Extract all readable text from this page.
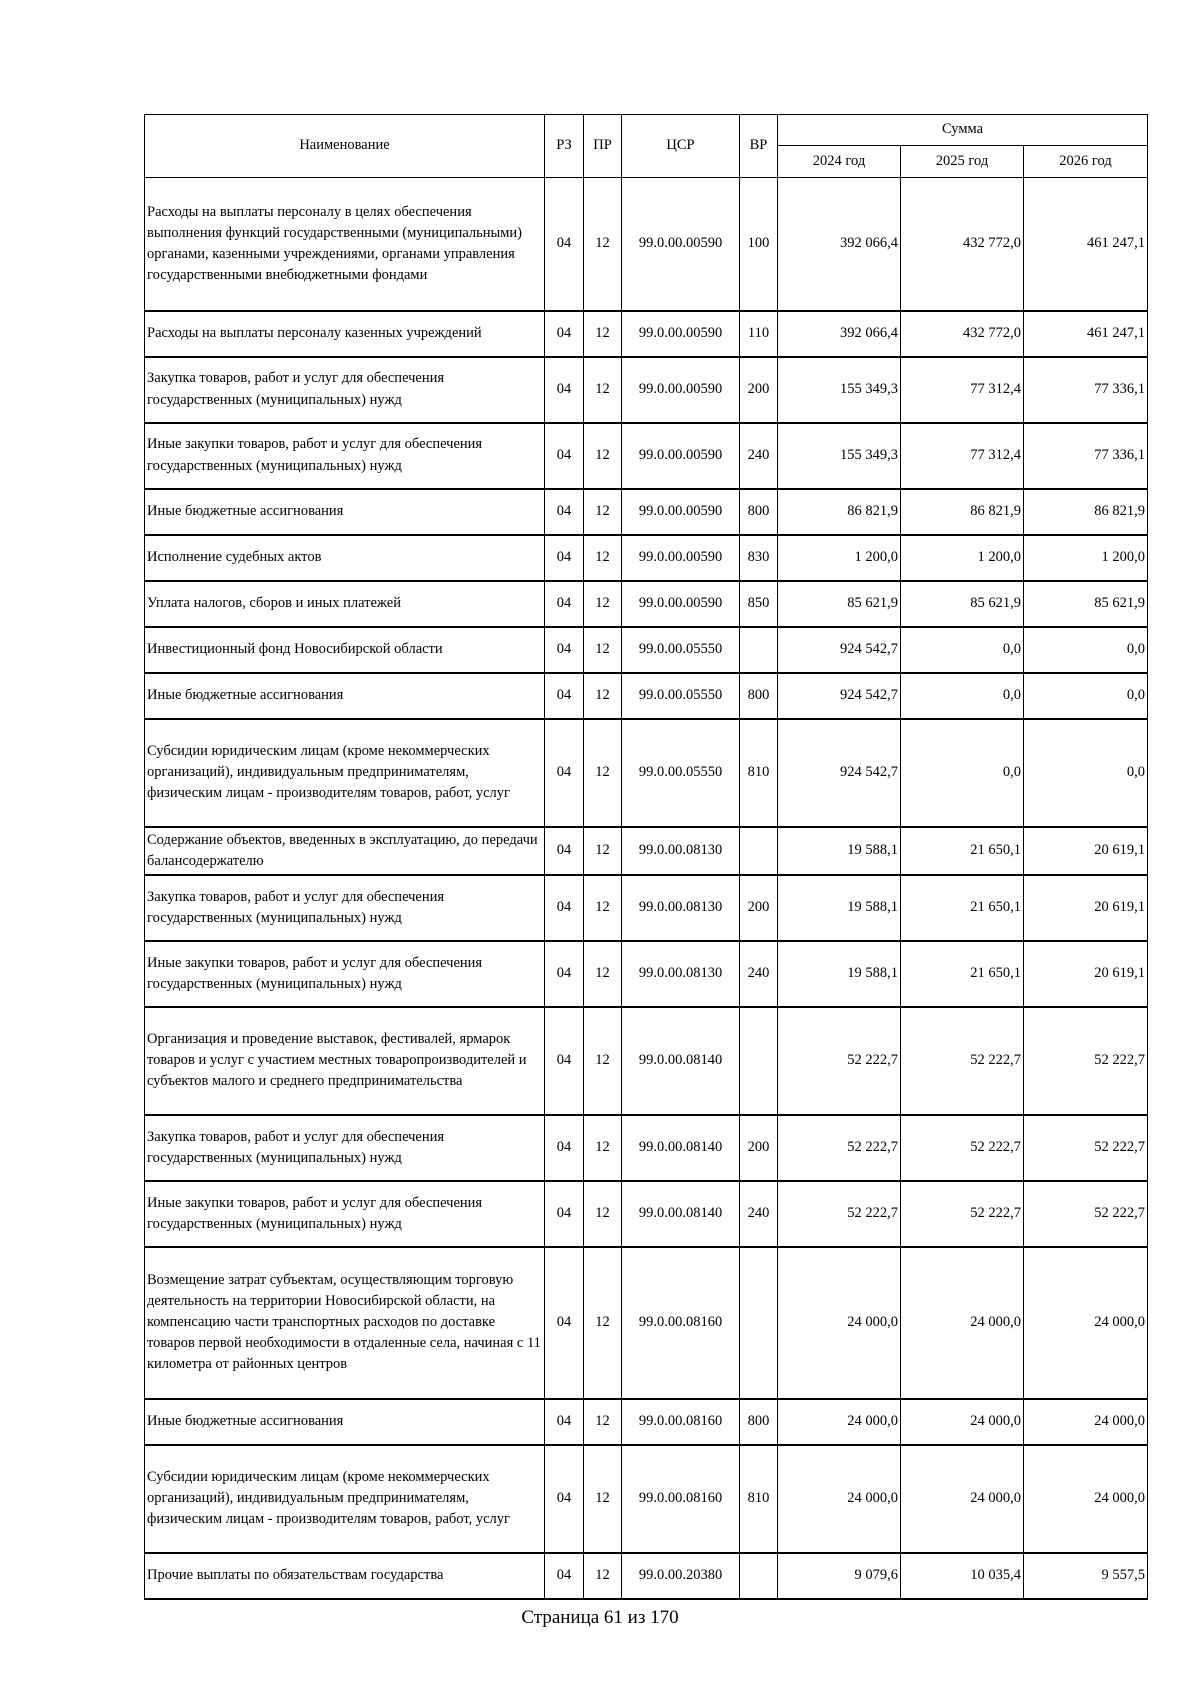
Наименование	РЗ	ПР	ЦСР	ВР	Сумма		
					2024 год	2025 год	2026 год
Расходы на выплаты персоналу в целях обеспечения выполнения функций государственными (муниципальными) органами, казенными учреждениями, органами управления государственными внебюджетными фондами	04	12	99.0.00.00590	100	392 066,4	432 772,0	461 247,1
Расходы на выплаты персоналу казенных учреждений	04	12	99.0.00.00590	110	392 066,4	432 772,0	461 247,1
Закупка товаров, работ и услуг для обеспечения государственных (муниципальных) нужд	04	12	99.0.00.00590	200	155 349,3	77 312,4	77 336,1
Иные закупки товаров, работ и услуг для обеспечения государственных (муниципальных) нужд	04	12	99.0.00.00590	240	155 349,3	77 312,4	77 336,1
Иные бюджетные ассигнования	04	12	99.0.00.00590	800	86 821,9	86 821,9	86 821,9
Исполнение судебных актов	04	12	99.0.00.00590	830	1 200,0	1 200,0	1 200,0
Уплата налогов, сборов и иных платежей	04	12	99.0.00.00590	850	85 621,9	85 621,9	85 621,9
Инвестиционный фонд Новосибирской области	04	12	99.0.00.05550		924 542,7	0,0	0,0
Иные бюджетные ассигнования	04	12	99.0.00.05550	800	924 542,7	0,0	0,0
Субсидии юридическим лицам (кроме некоммерческих организаций), индивидуальным предпринимателям, физическим лицам - производителям товаров, работ, услуг	04	12	99.0.00.05550	810	924 542,7	0,0	0,0
Содержание объектов, введенных в эксплуатацию, до передачи балансодержателю	04	12	99.0.00.08130		19 588,1	21 650,1	20 619,1
Закупка товаров, работ и услуг для обеспечения государственных (муниципальных) нужд	04	12	99.0.00.08130	200	19 588,1	21 650,1	20 619,1
Иные закупки товаров, работ и услуг для обеспечения государственных (муниципальных) нужд	04	12	99.0.00.08130	240	19 588,1	21 650,1	20 619,1
Организация и проведение выставок, фестивалей, ярмарок товаров и услуг с участием местных товаропроизводителей и субъектов малого и среднего предпринимательства	04	12	99.0.00.08140		52 222,7	52 222,7	52 222,7
Закупка товаров, работ и услуг для обеспечения государственных (муниципальных) нужд	04	12	99.0.00.08140	200	52 222,7	52 222,7	52 222,7
Иные закупки товаров, работ и услуг для обеспечения государственных (муниципальных) нужд	04	12	99.0.00.08140	240	52 222,7	52 222,7	52 222,7
Возмещение затрат субъектам, осуществляющим торговую деятельность на территории Новосибирской области, на компенсацию части транспортных расходов по доставке товаров первой необходимости в отдаленные села, начиная с 11 километра от районных центров	04	12	99.0.00.08160		24 000,0	24 000,0	24 000,0
Иные бюджетные ассигнования	04	12	99.0.00.08160	800	24 000,0	24 000,0	24 000,0
Субсидии юридическим лицам (кроме некоммерческих организаций), индивидуальным предпринимателям, физическим лицам - производителям товаров, работ, услуг	04	12	99.0.00.08160	810	24 000,0	24 000,0	24 000,0
Прочие выплаты по обязательствам государства	04	12	99.0.00.20380		9 079,6	10 035,4	9 557,5
Страница 61 из 170
